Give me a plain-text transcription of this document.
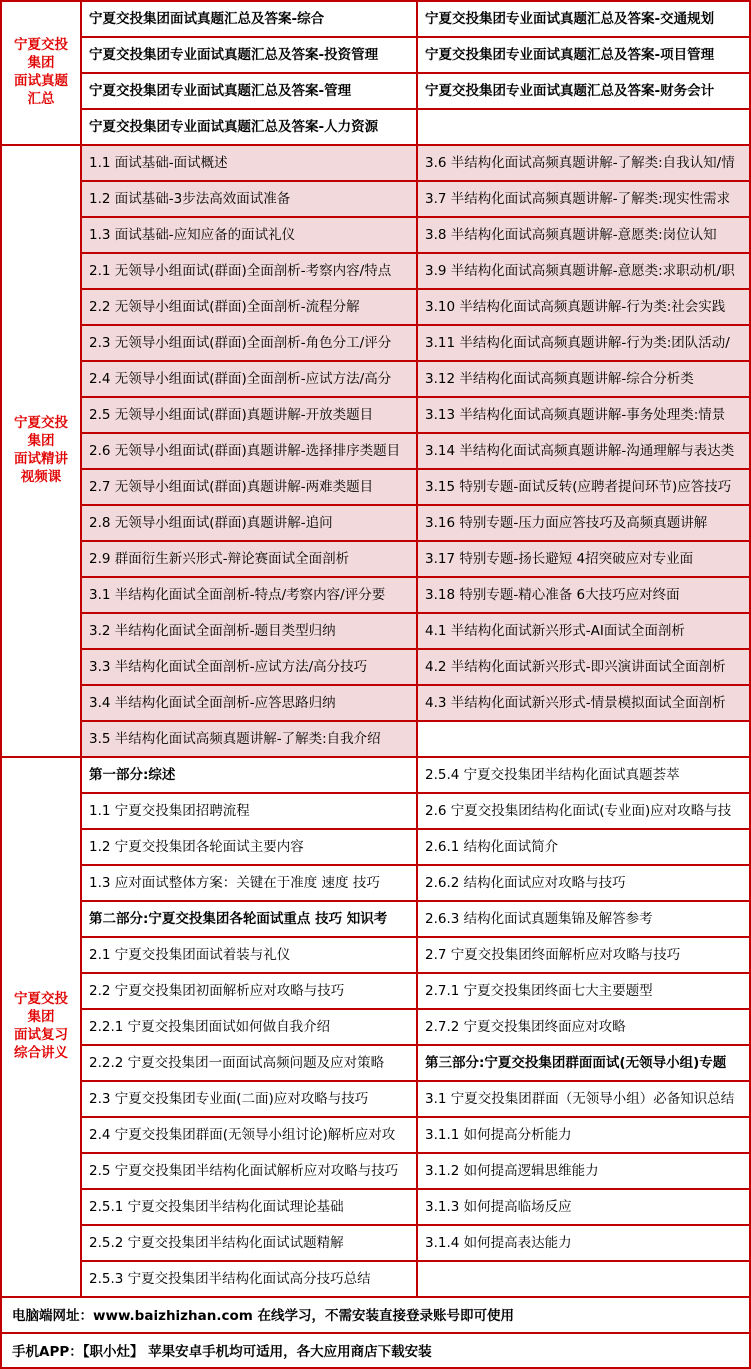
宁夏交投
集团
面试真题
汇总
宁夏交投集团面试真题汇总及答案-综合	宁夏交投集团专业面试真题汇总及答案-交通规划
宁夏交投集团专业面试真题汇总及答案-投资管理	宁夏交投集团专业面试真题汇总及答案-项目管理
宁夏交投集团专业面试真题汇总及答案-管理	宁夏交投集团专业面试真题汇总及答案-财务会计
宁夏交投集团专业面试真题汇总及答案-人力资源
宁夏交投
集团
面试精讲
视频课
1.1 面试基础-面试概述	3.6 半结构化面试高频真题讲解-了解类:自我认知/情
1.2 面试基础-3步法高效面试准备	3.7 半结构化面试高频真题讲解-了解类:现实性需求
1.3 面试基础-应知应备的面试礼仪	3.8 半结构化面试高频真题讲解-意愿类:岗位认知
2.1 无领导小组面试(群面)全面剖析-考察内容/特点	3.9 半结构化面试高频真题讲解-意愿类:求职动机/职
2.2 无领导小组面试(群面)全面剖析-流程分解	3.10 半结构化面试高频真题讲解-行为类:社会实践
2.3 无领导小组面试(群面)全面剖析-角色分工/评分	3.11 半结构化面试高频真题讲解-行为类:团队活动/
2.4 无领导小组面试(群面)全面剖析-应试方法/高分	3.12 半结构化面试高频真题讲解-综合分析类
2.5 无领导小组面试(群面)真题讲解-开放类题目	3.13 半结构化面试高频真题讲解-事务处理类:情景
2.6 无领导小组面试(群面)真题讲解-选择排序类题目	3.14 半结构化面试高频真题讲解-沟通理解与表达类
2.7 无领导小组面试(群面)真题讲解-两难类题目	3.15 特别专题-面试反转(应聘者提问环节)应答技巧
2.8 无领导小组面试(群面)真题讲解-追问	3.16 特别专题-压力面应答技巧及高频真题讲解
2.9 群面衍生新兴形式-辩论赛面试全面剖析	3.17 特别专题-扬长避短 4招突破应对专业面
3.1 半结构化面试全面剖析-特点/考察内容/评分要	3.18 特别专题-精心准备 6大技巧应对终面
3.2 半结构化面试全面剖析-题目类型归纳	4.1 半结构化面试新兴形式-AI面试全面剖析
3.3 半结构化面试全面剖析-应试方法/高分技巧	4.2 半结构化面试新兴形式-即兴演讲面试全面剖析
3.4 半结构化面试全面剖析-应答思路归纳	4.3 半结构化面试新兴形式-情景模拟面试全面剖析
3.5 半结构化面试高频真题讲解-了解类:自我介绍
宁夏交投
集团
面试复习
综合讲义
第一部分:综述	2.5.4 宁夏交投集团半结构化面试真题荟萃
1.1 宁夏交投集团招聘流程	2.6 宁夏交投集团结构化面试(专业面)应对攻略与技
1.2 宁夏交投集团各轮面试主要内容	2.6.1 结构化面试简介
1.3 应对面试整体方案：关键在于准度 速度 技巧	2.6.2 结构化面试应对攻略与技巧
第二部分:宁夏交投集团各轮面试重点 技巧 知识考	2.6.3 结构化面试真题集锦及解答参考
2.1 宁夏交投集团面试着装与礼仪	2.7 宁夏交投集团终面解析应对攻略与技巧
2.2 宁夏交投集团初面解析应对攻略与技巧	2.7.1 宁夏交投集团终面七大主要题型
2.2.1 宁夏交投集团面试如何做自我介绍	2.7.2 宁夏交投集团终面应对攻略
2.2.2 宁夏交投集团一面面试高频问题及应对策略	第三部分:宁夏交投集团群面面试(无领导小组)专题
2.3 宁夏交投集团专业面(二面)应对攻略与技巧	3.1 宁夏交投集团群面（无领导小组）必备知识总结
2.4 宁夏交投集团群面(无领导小组讨论)解析应对攻	3.1.1 如何提高分析能力
2.5 宁夏交投集团半结构化面试解析应对攻略与技巧	3.1.2 如何提高逻辑思维能力
2.5.1 宁夏交投集团半结构化面试理论基础	3.1.3 如何提高临场反应
2.5.2 宁夏交投集团半结构化面试试题精解	3.1.4 如何提高表达能力
2.5.3 宁夏交投集团半结构化面试高分技巧总结
电脑端网址：www.baizhizhan.com 在线学习，不需安装直接登录账号即可使用
手机APP：【职小灶】 苹果安卓手机均可适用，各大应用商店下载安装
